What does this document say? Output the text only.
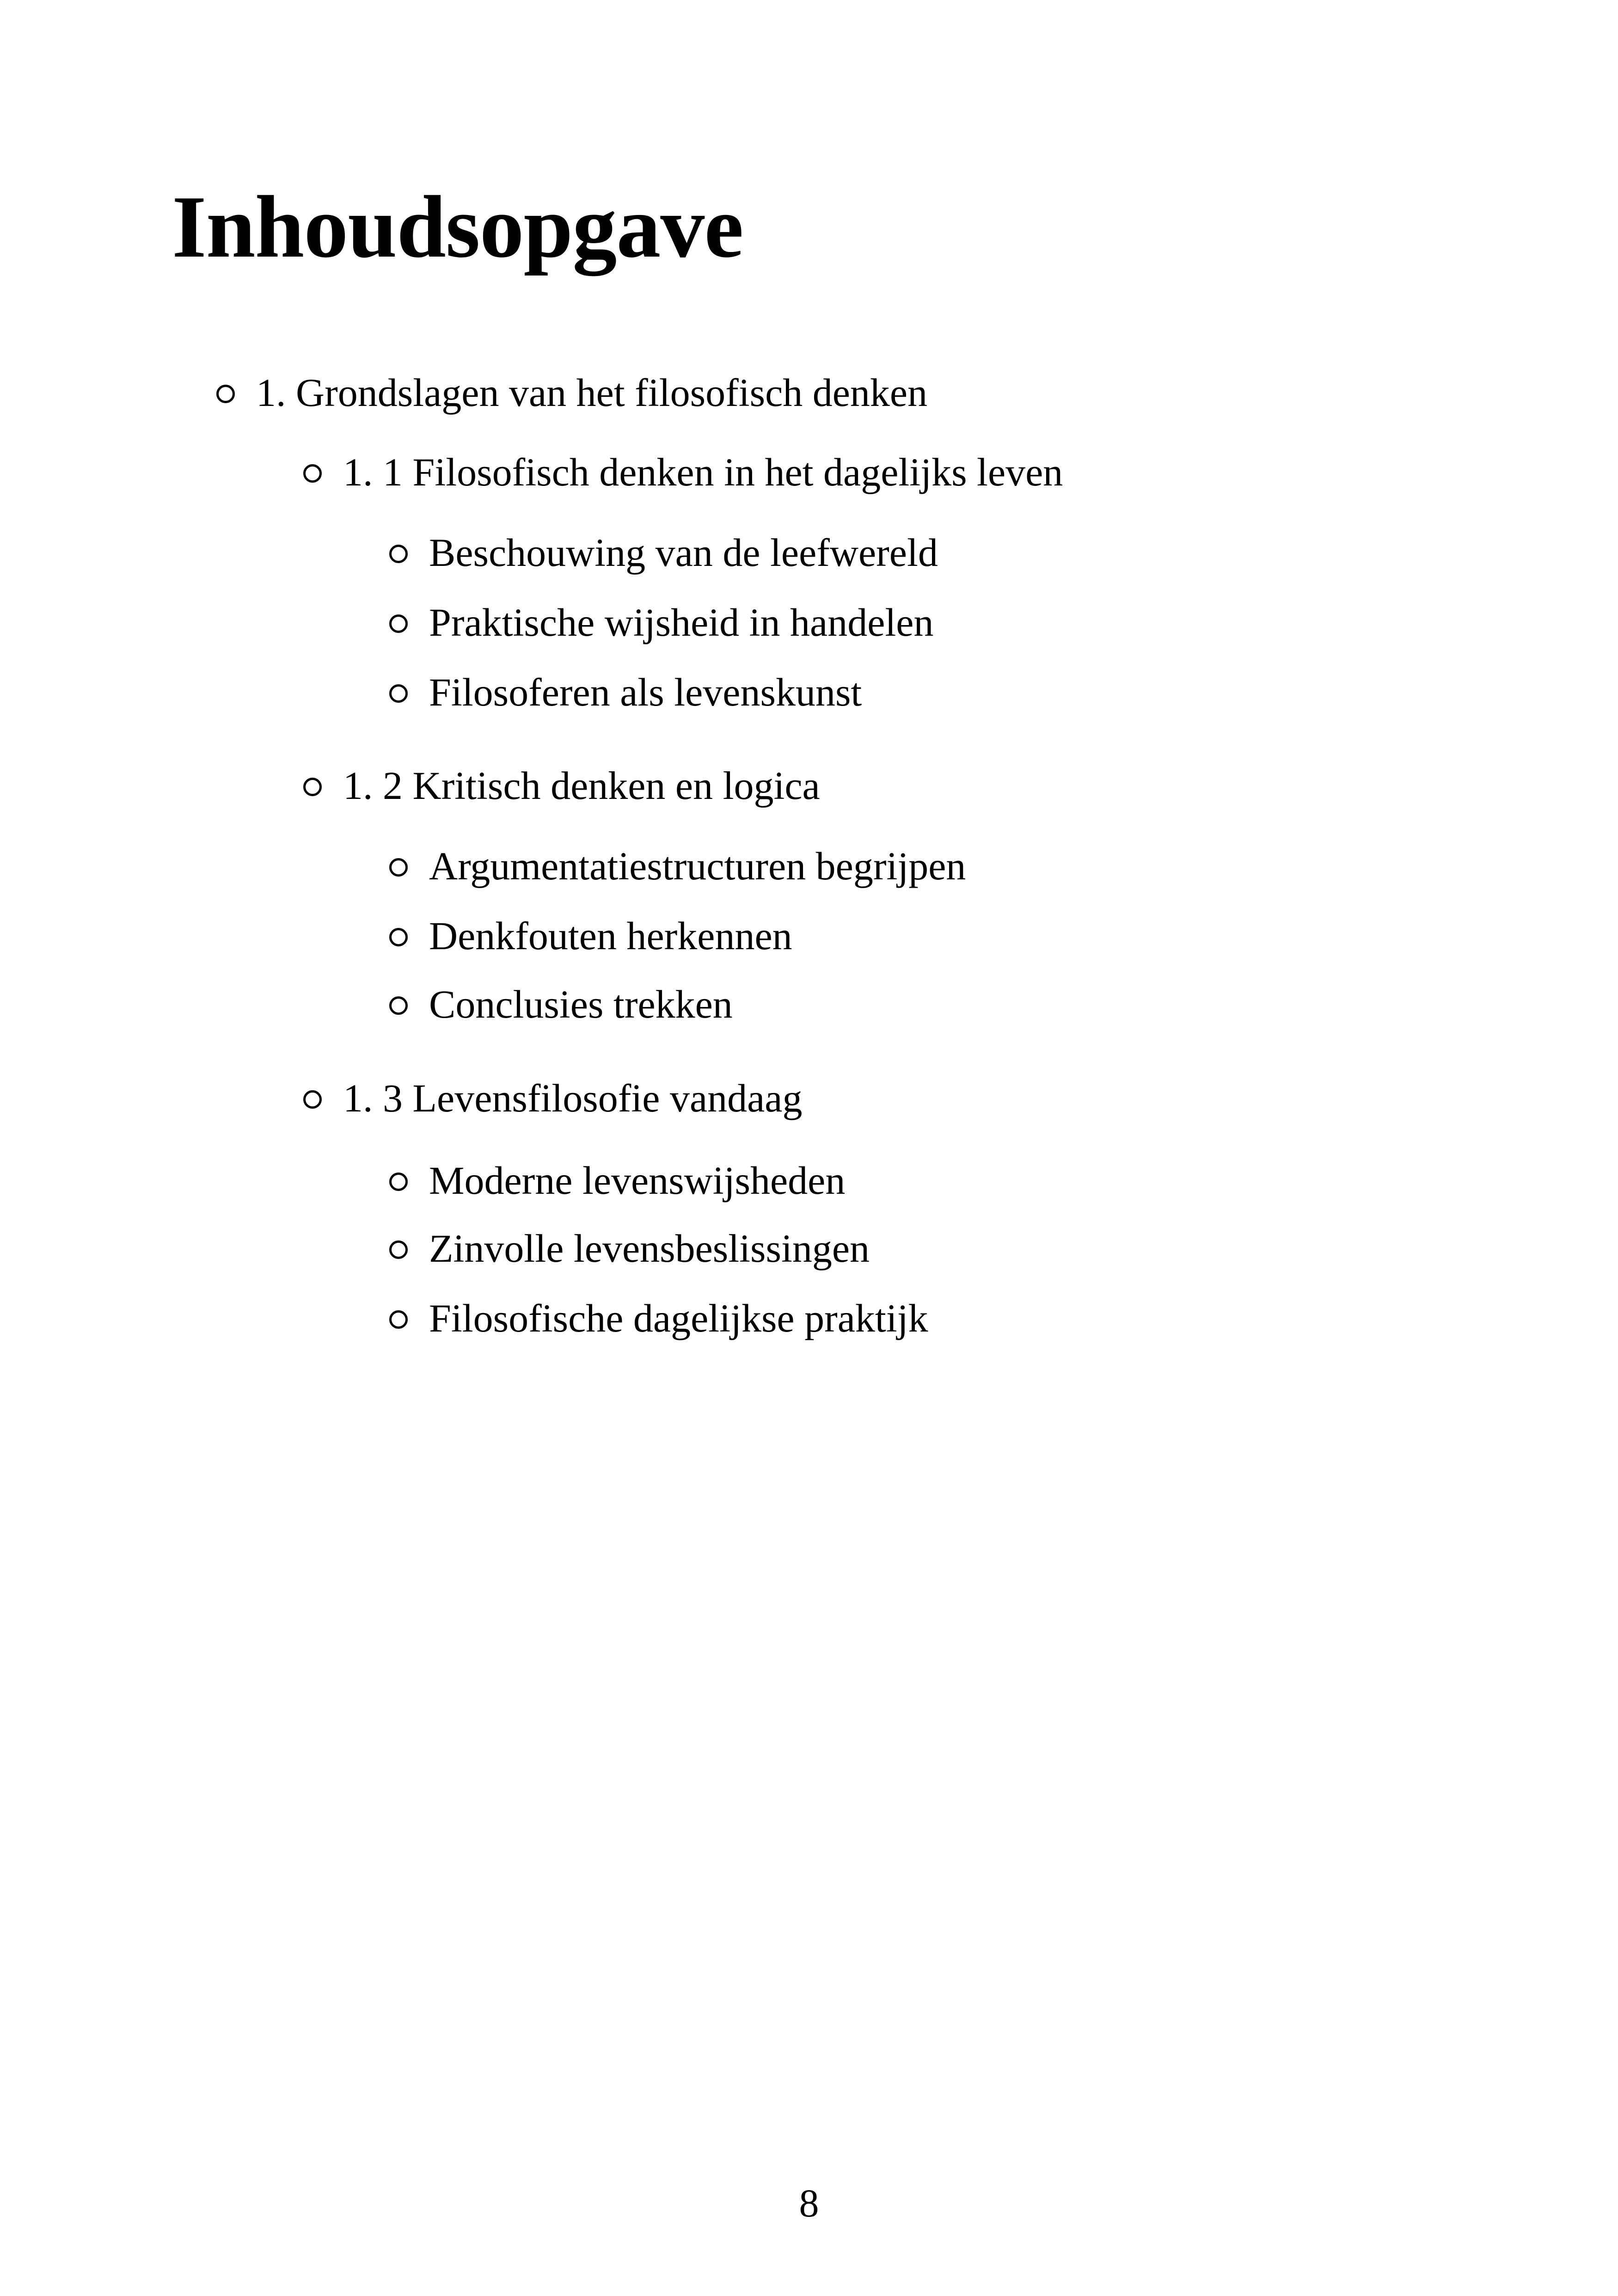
Inhoudsopgave
1. Grondslagen van het filosofisch denken
1. 1 Filosofisch denken in het dagelijks leven
Beschouwing van de leefwereld
Praktische wijsheid in handelen
Filosoferen als levenskunst
1. 2 Kritisch denken en logica
Argumentatiestructuren begrijpen
Denkfouten herkennen
Conclusies trekken
1. 3 Levensfilosofie vandaag
Moderne levenswijsheden
Zinvolle levensbeslissingen
Filosofische dagelijkse praktijk
8
